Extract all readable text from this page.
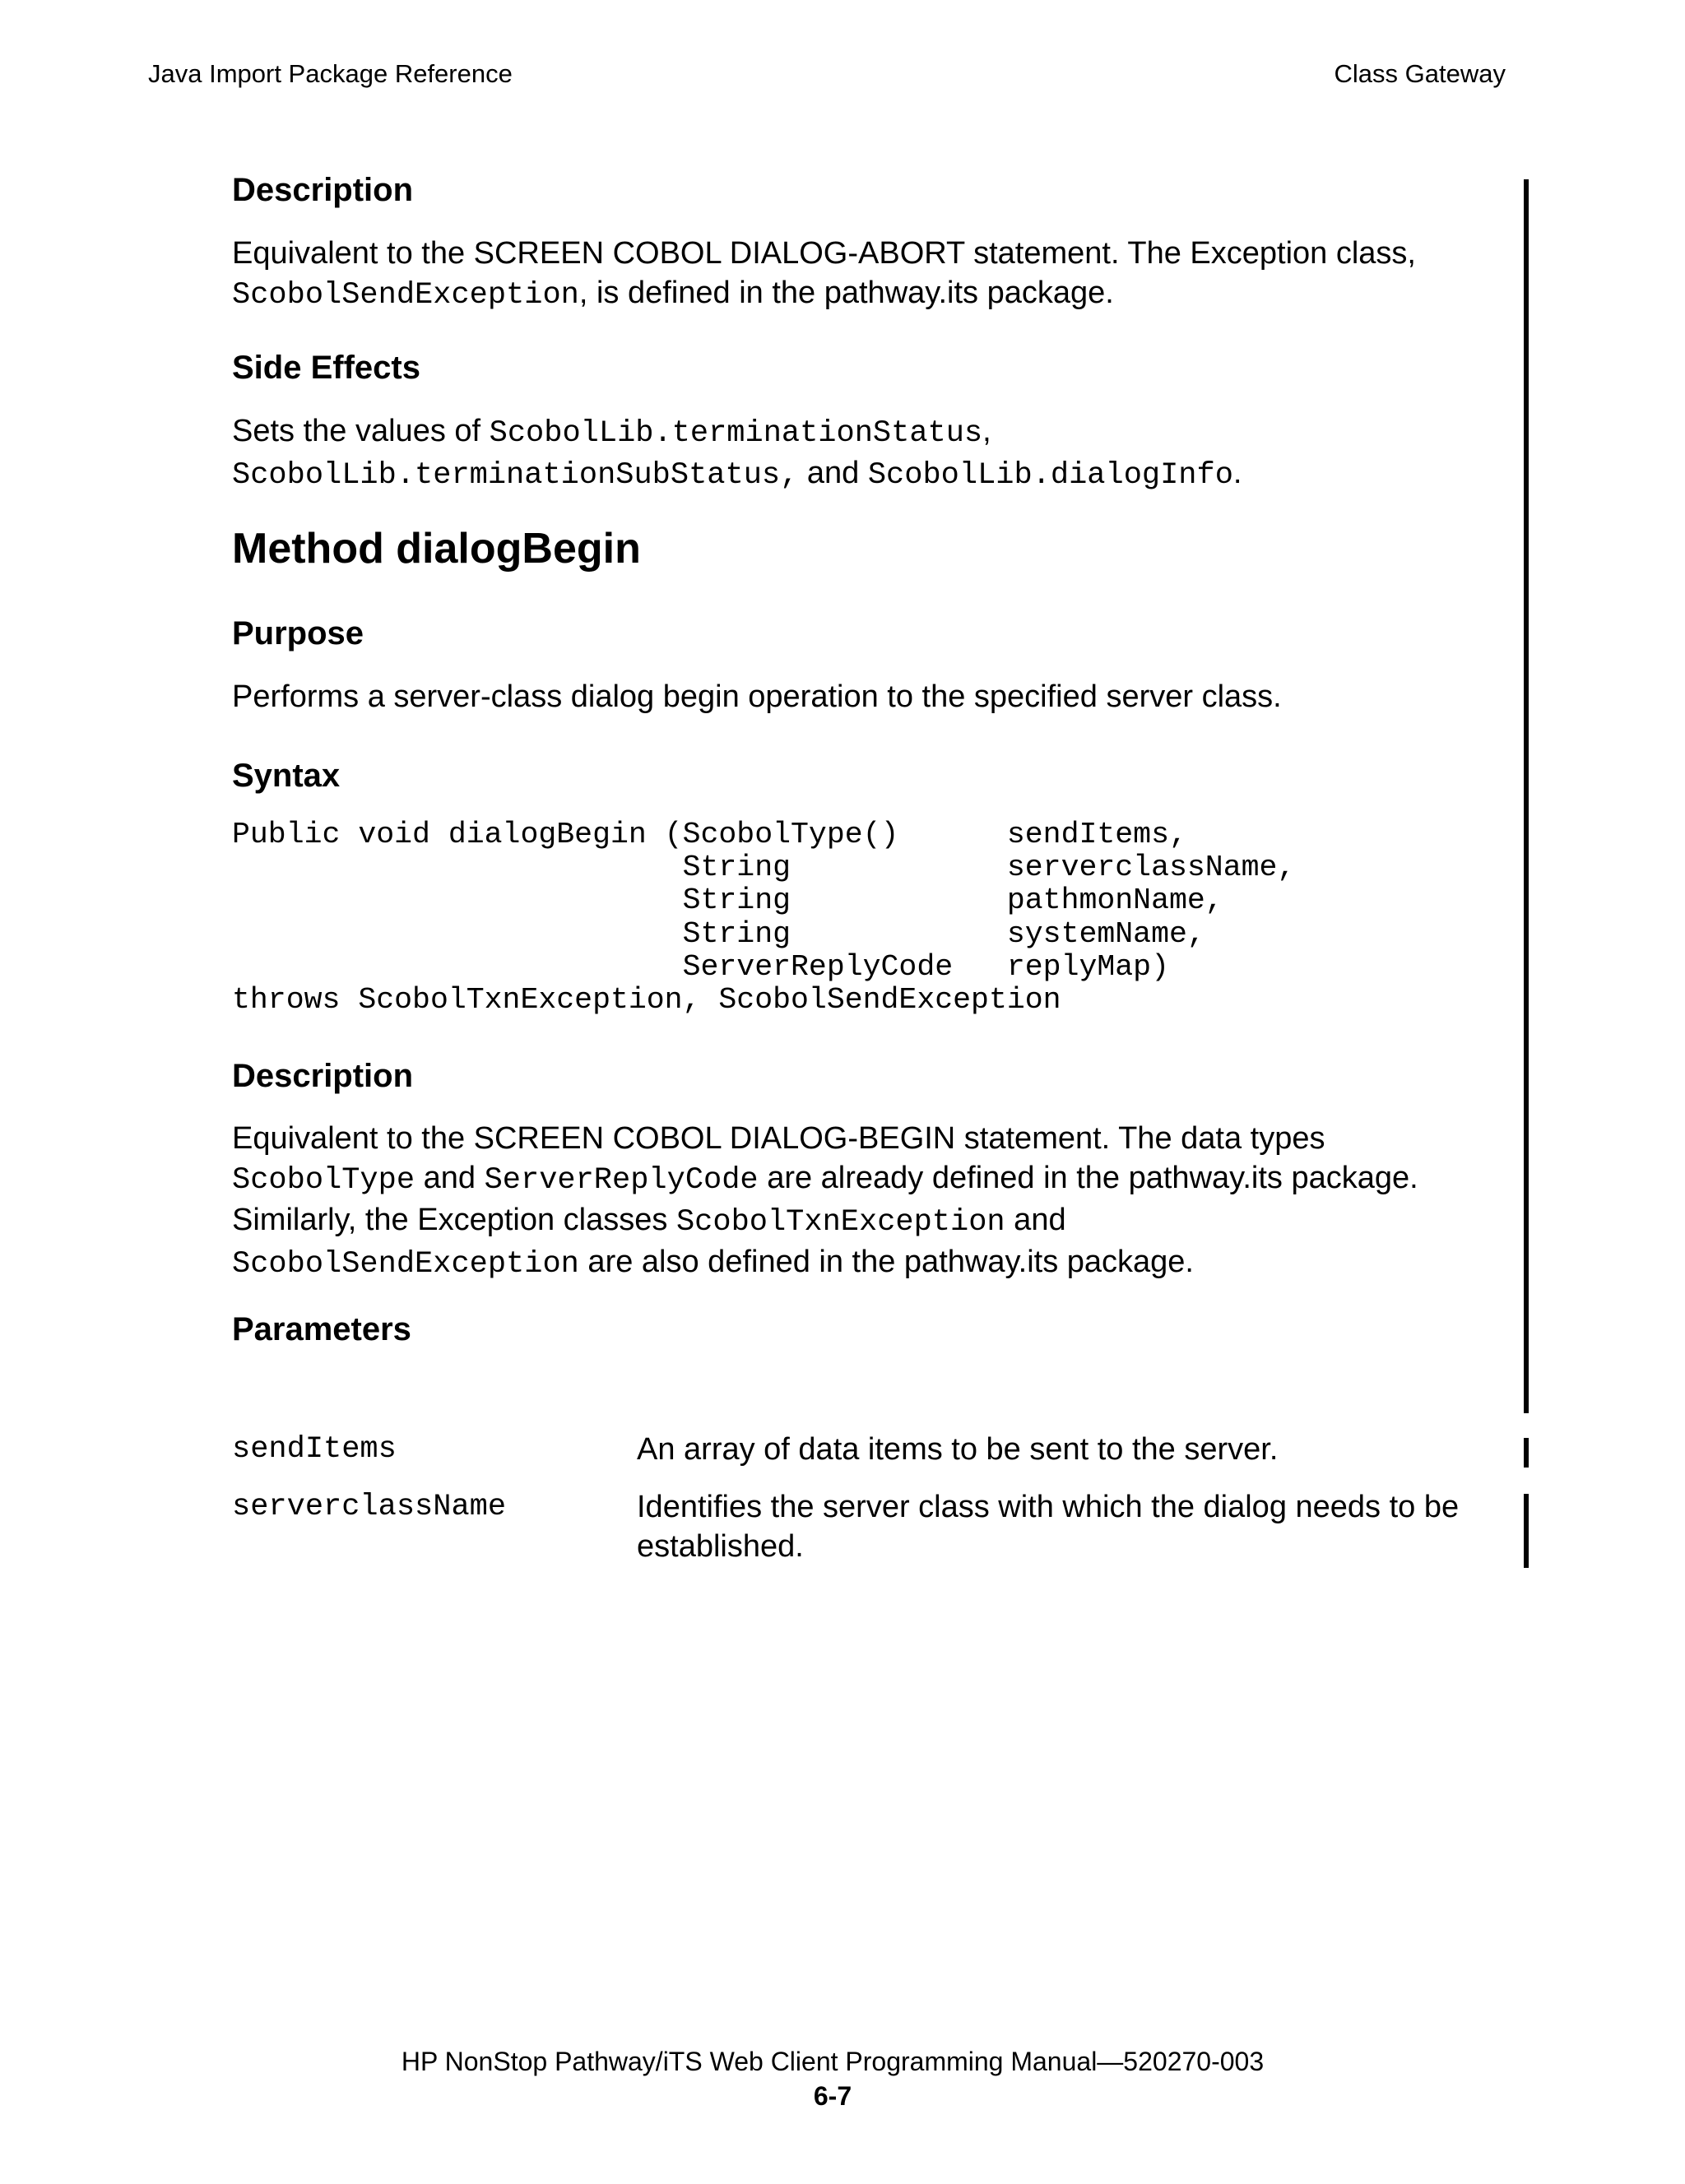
Java Import Package Reference	Class Gateway
Description
Equivalent to the SCREEN COBOL DIALOG-ABORT statement. The Exception class,
ScobolSendException, is defined in the pathway.its package.
Side Effects
Sets the values of ScobolLib.terminationStatus,
ScobolLib.terminationSubStatus, and ScobolLib.dialogInfo.
Method dialogBegin
Purpose
Performs a server-class dialog begin operation to the specified server class.
Syntax
Public void dialogBegin (ScobolType()      sendItems,
String            serverclassName,
String            pathmonName,
String            systemName,
ServerReplyCode   replyMap)
throws ScobolTxnException, ScobolSendException
Description
Equivalent to the SCREEN COBOL DIALOG-BEGIN statement. The data types
ScobolType and ServerReplyCode are already defined in the pathway.its package.
Similarly, the Exception classes ScobolTxnException and
ScobolSendException are also defined in the pathway.its package.
Parameters
sendItems	An array of data items to be sent to the server.
serverclassName	Identifies the server class with which the dialog needs to be established.
HP NonStop Pathway/iTS Web Client Programming Manual—520270-003
6-7
